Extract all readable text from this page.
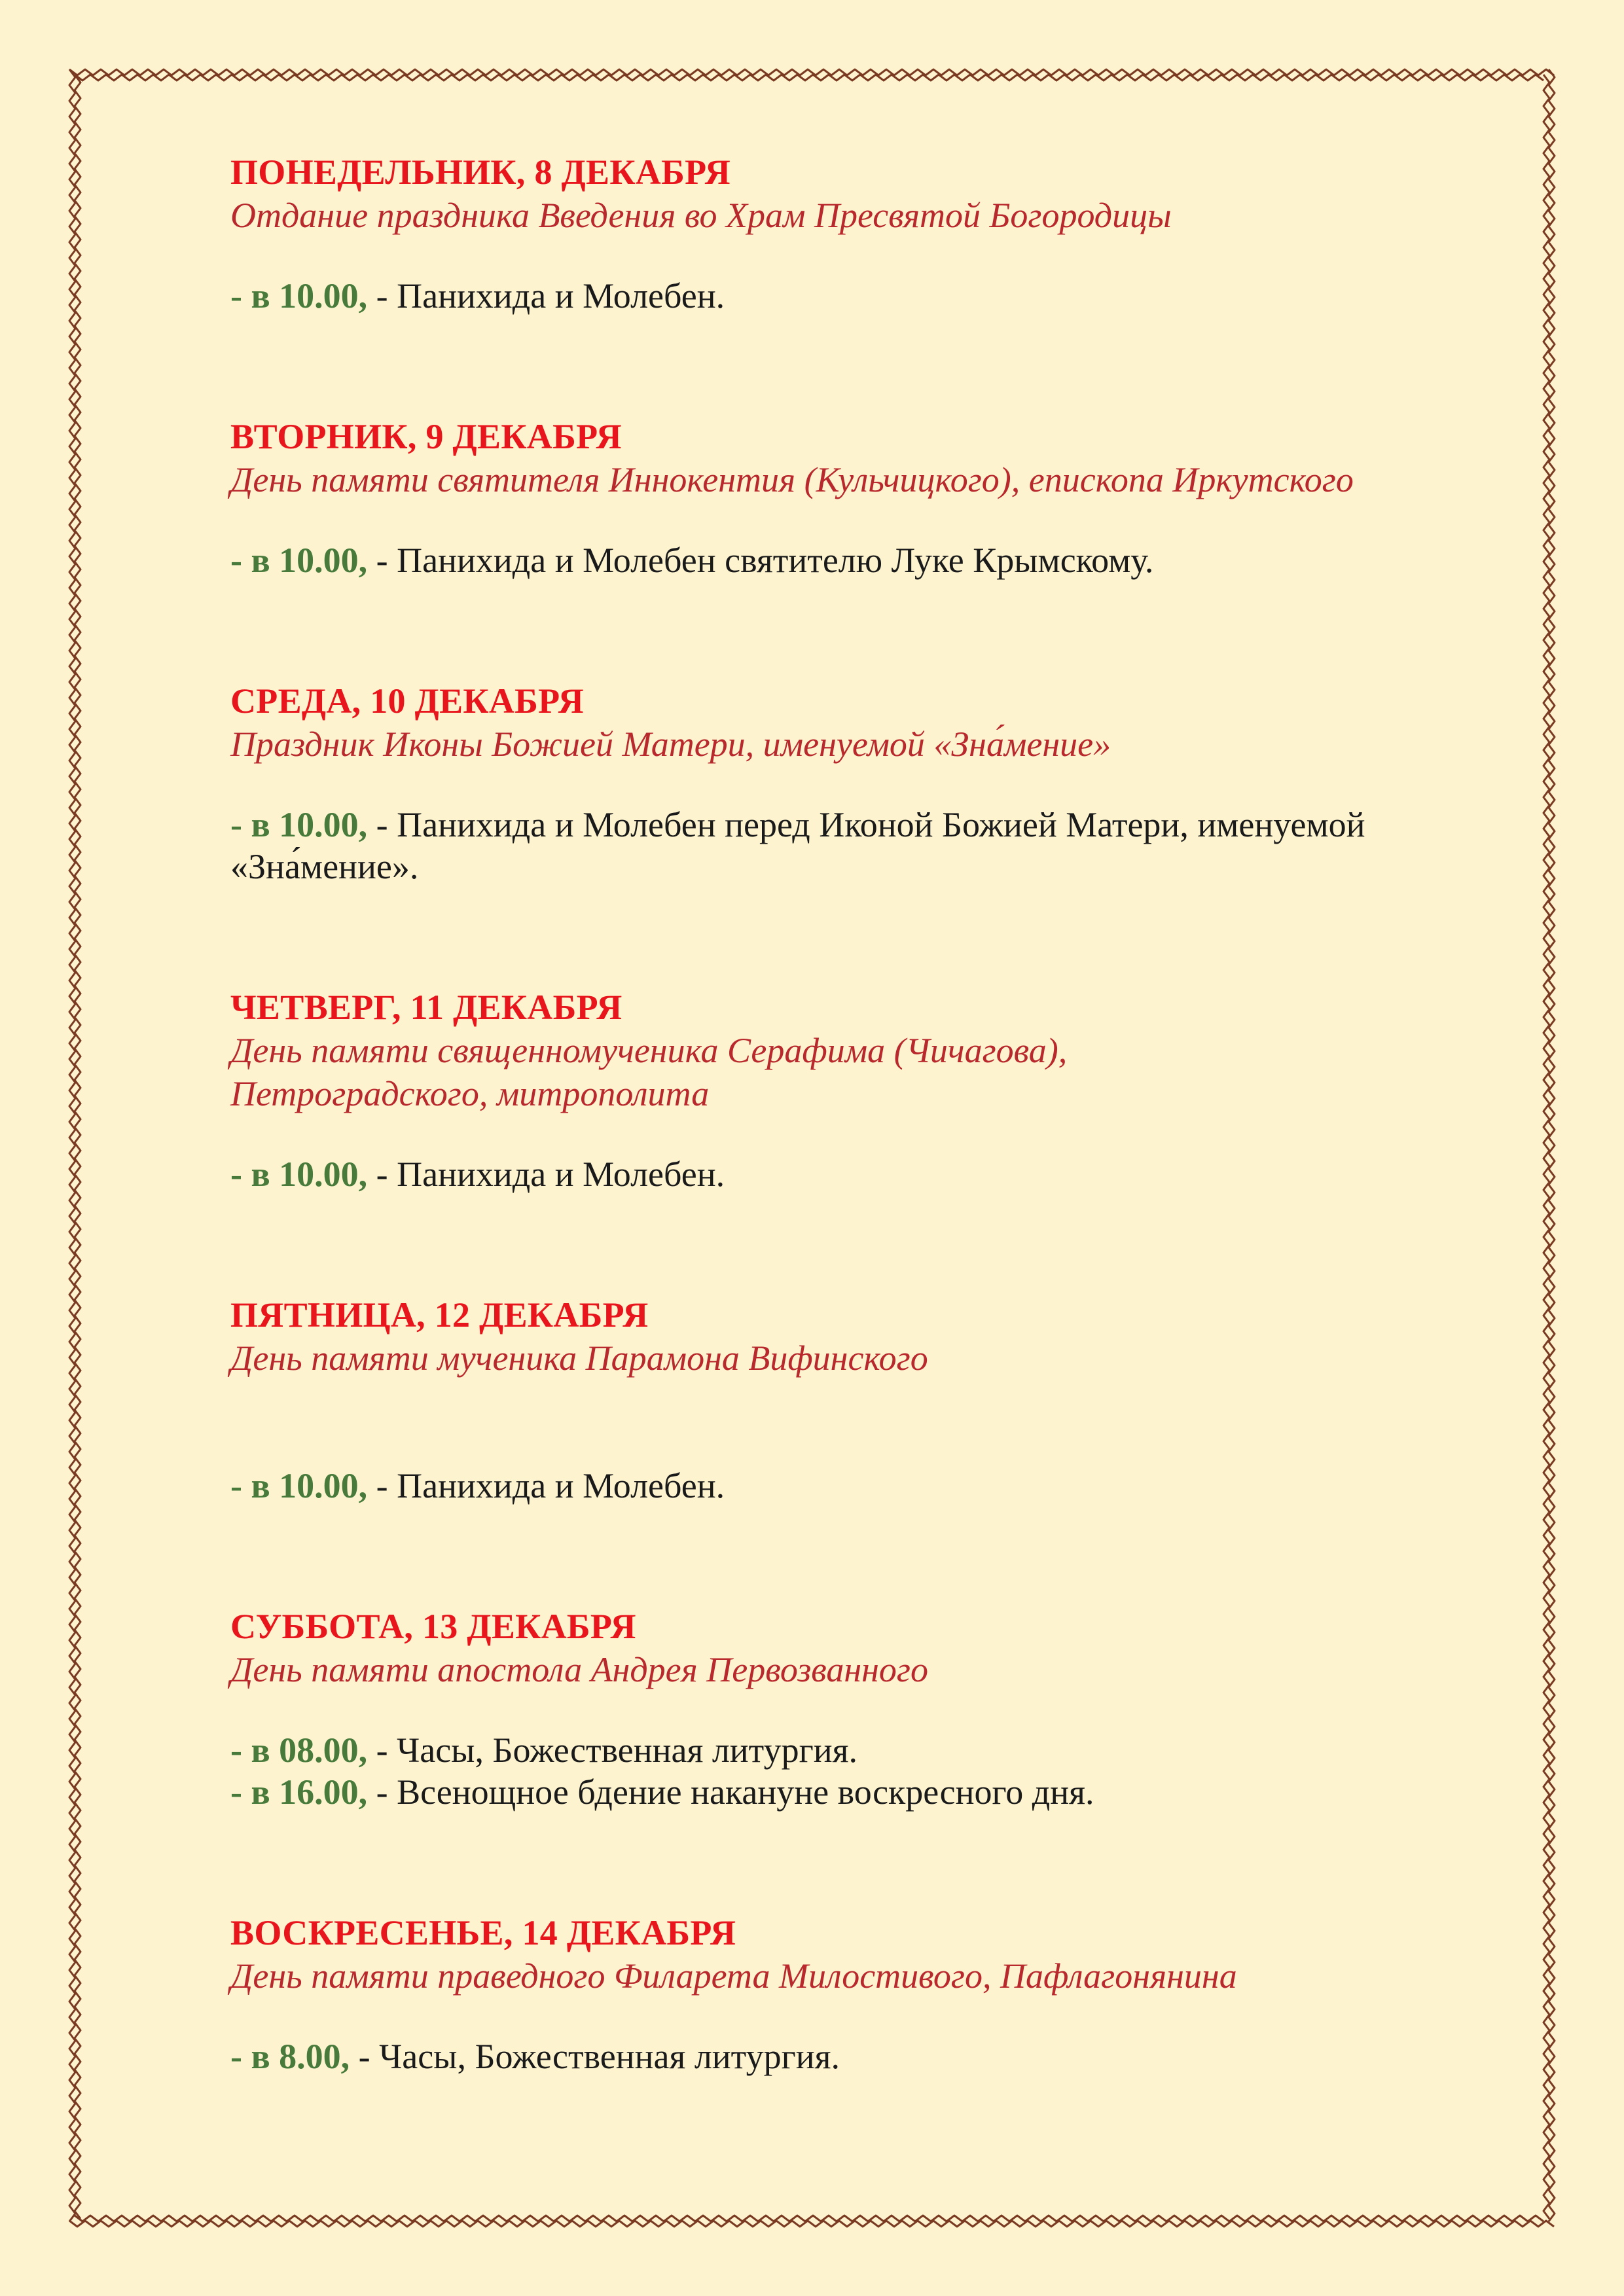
ПОНЕДЕЛЬНИК, 8 ДЕКАБРЯ
Отдание праздника Введения во Храм Пресвятой Богородицы
- в 10.00, - Панихида и Молебен.
ВТОРНИК, 9 ДЕКАБРЯ
День памяти святителя Иннокентия (Кульчицкого), епископа Иркутского
- в 10.00, - Панихида и Молебен святителю Луке Крымскому.
СРЕДА, 10 ДЕКАБРЯ
Праздник Иконы Божией Матери, именуемой «Зна́мение»
- в 10.00, - Панихида и Молебен перед Иконой Божией Матери, именуемой «Зна́мение».
ЧЕТВЕРГ, 11 ДЕКАБРЯ
День памяти священномученика Серафима (Чичагова),
Петроградского, митрополита
- в 10.00, - Панихида и Молебен.
ПЯТНИЦА, 12 ДЕКАБРЯ
День памяти мученика Парамона Вифинского
- в 10.00, - Панихида и Молебен.
СУББОТА, 13 ДЕКАБРЯ
День памяти апостола Андрея Первозванного
- в 08.00, - Часы, Божественная литургия.
- в 16.00, - Всенощное бдение накануне воскресного дня.
ВОСКРЕСЕНЬЕ, 14 ДЕКАБРЯ
День памяти праведного Филарета Милостивого, Пафлагонянина
- в 8.00, - Часы, Божественная литургия.
